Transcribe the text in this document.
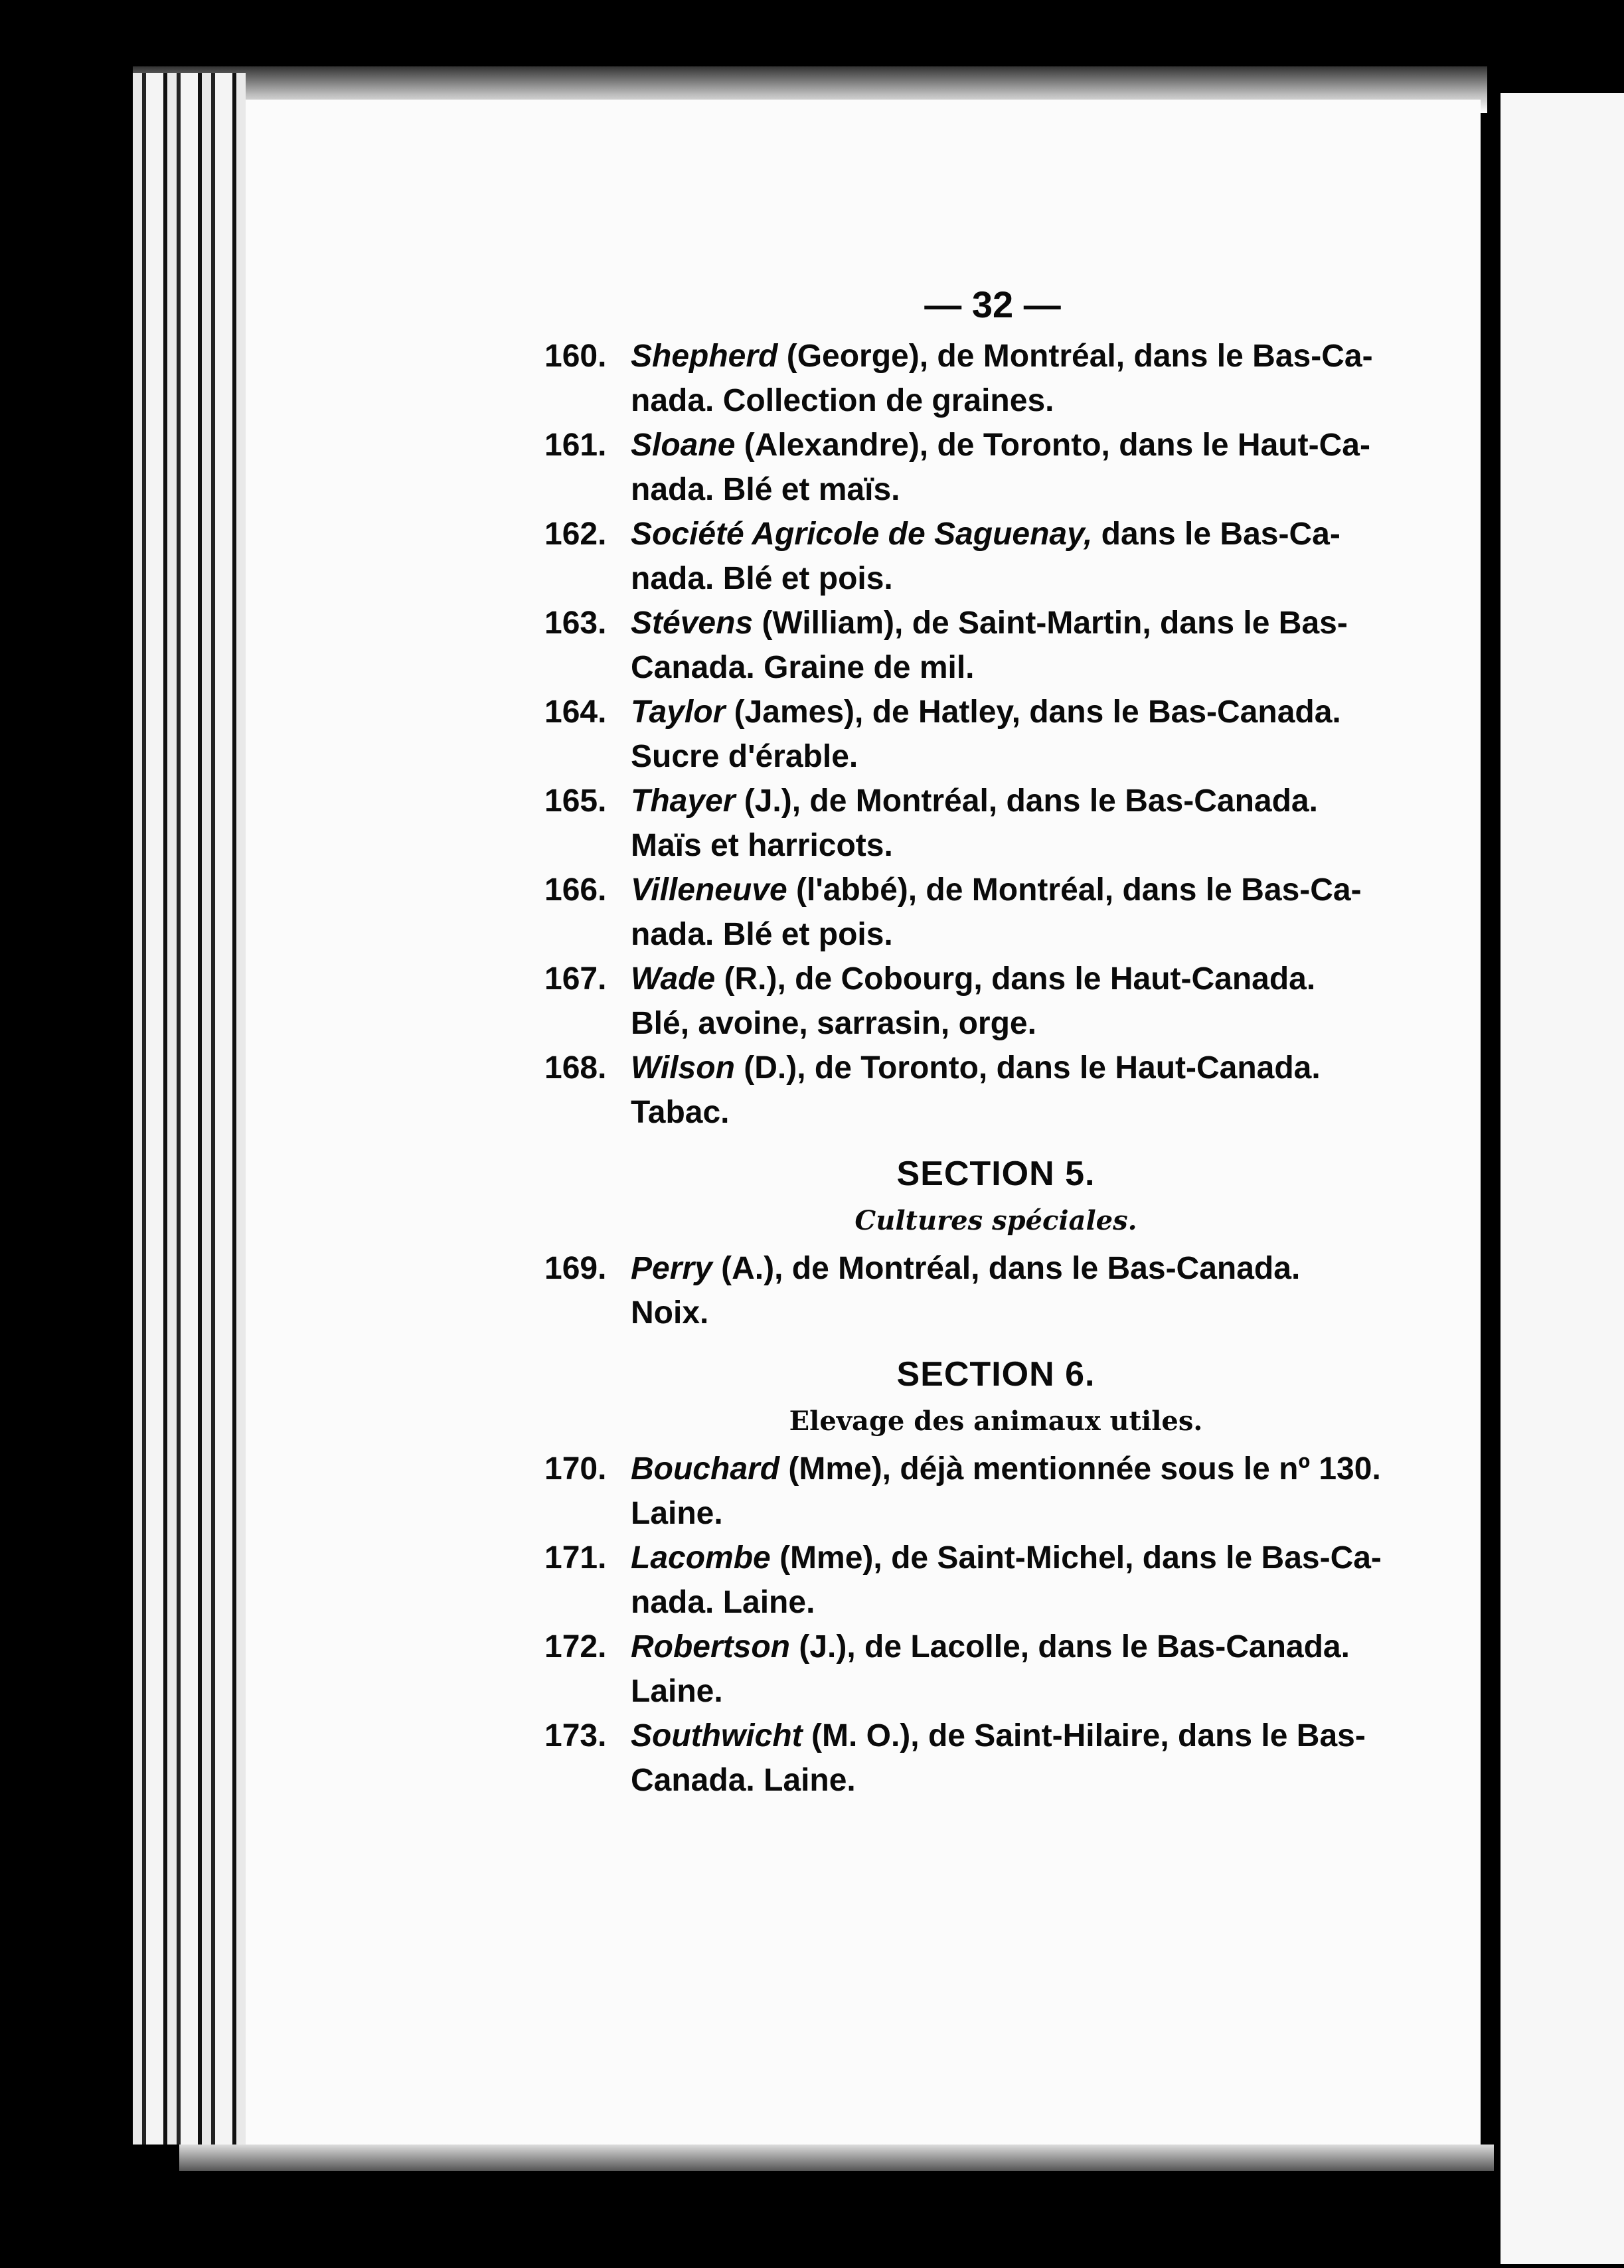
— 32 —
160. Shepherd (George), de Montréal, dans le Bas-Ca-
nada. Collection de graines.
161. Sloane (Alexandre), de Toronto, dans le Haut-Ca-
nada. Blé et maïs.
162. Société Agricole de Saguenay, dans le Bas-Ca-
nada. Blé et pois.
163. Stévens (William), de Saint-Martin, dans le Bas-
Canada. Graine de mil.
164. Taylor (James), de Hatley, dans le Bas-Canada.
Sucre d'érable.
165. Thayer (J.), de Montréal, dans le Bas-Canada.
Maïs et harricots.
166. Villeneuve (l'abbé), de Montréal, dans le Bas-Ca-
nada. Blé et pois.
167. Wade (R.), de Cobourg, dans le Haut-Canada.
Blé, avoine, sarrasin, orge.
168. Wilson (D.), de Toronto, dans le Haut-Canada.
Tabac.
SECTION 5.
Cultures spéciales.
169. Perry (A.), de Montréal, dans le Bas-Canada.
Noix.
SECTION 6.
Elevage des animaux utiles.
170. Bouchard (Mme), déjà mentionnée sous le nº 130.
Laine.
171. Lacombe (Mme), de Saint-Michel, dans le Bas-Ca-
nada. Laine.
172. Robertson (J.), de Lacolle, dans le Bas-Canada.
Laine.
173. Southwicht (M. O.), de Saint-Hilaire, dans le Bas-
Canada. Laine.
